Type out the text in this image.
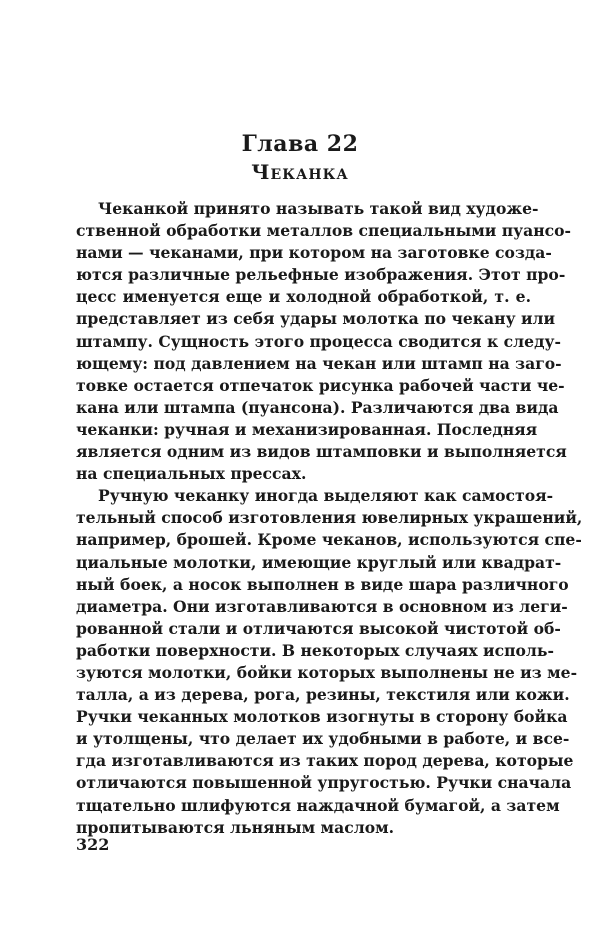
Глава 22
Чеканка
Чеканкой принято называть такой вид художе-
ственной обработки металлов специальными пуансо-
нами — чеканами, при котором на заготовке созда-
ются различные рельефные изображения. Этот про-
цесс именуется еще и холодной обработкой, т. е.
представляет из себя удары молотка по чекану или
штампу. Сущность этого процесса сводится к следу-
ющему: под давлением на чекан или штамп на заго-
товке остается отпечаток рисунка рабочей части че-
кана или штампа (пуансона). Различаются два вида
чеканки: ручная и механизированная. Последняя
является одним из видов штамповки и выполняется
на специальных прессах.
Ручную чеканку иногда выделяют как самостоя-
тельный способ изготовления ювелирных украшений,
например, брошей. Кроме чеканов, используются спе-
циальные молотки, имеющие круглый или квадрат-
ный боек, а носок выполнен в виде шара различного
диаметра. Они изготавливаются в основном из леги-
рованной стали и отличаются высокой чистотой об-
работки поверхности. В некоторых случаях исполь-
зуются молотки, бойки которых выполнены не из ме-
талла, а из дерева, рога, резины, текстиля или кожи.
Ручки чеканных молотков изогнуты в сторону бойка
и утолщены, что делает их удобными в работе, и все-
гда изготавливаются из таких пород дерева, которые
отличаются повышенной упругостью. Ручки сначала
тщательно шлифуются наждачной бумагой, а затем
пропитываются льняным маслом.
322
